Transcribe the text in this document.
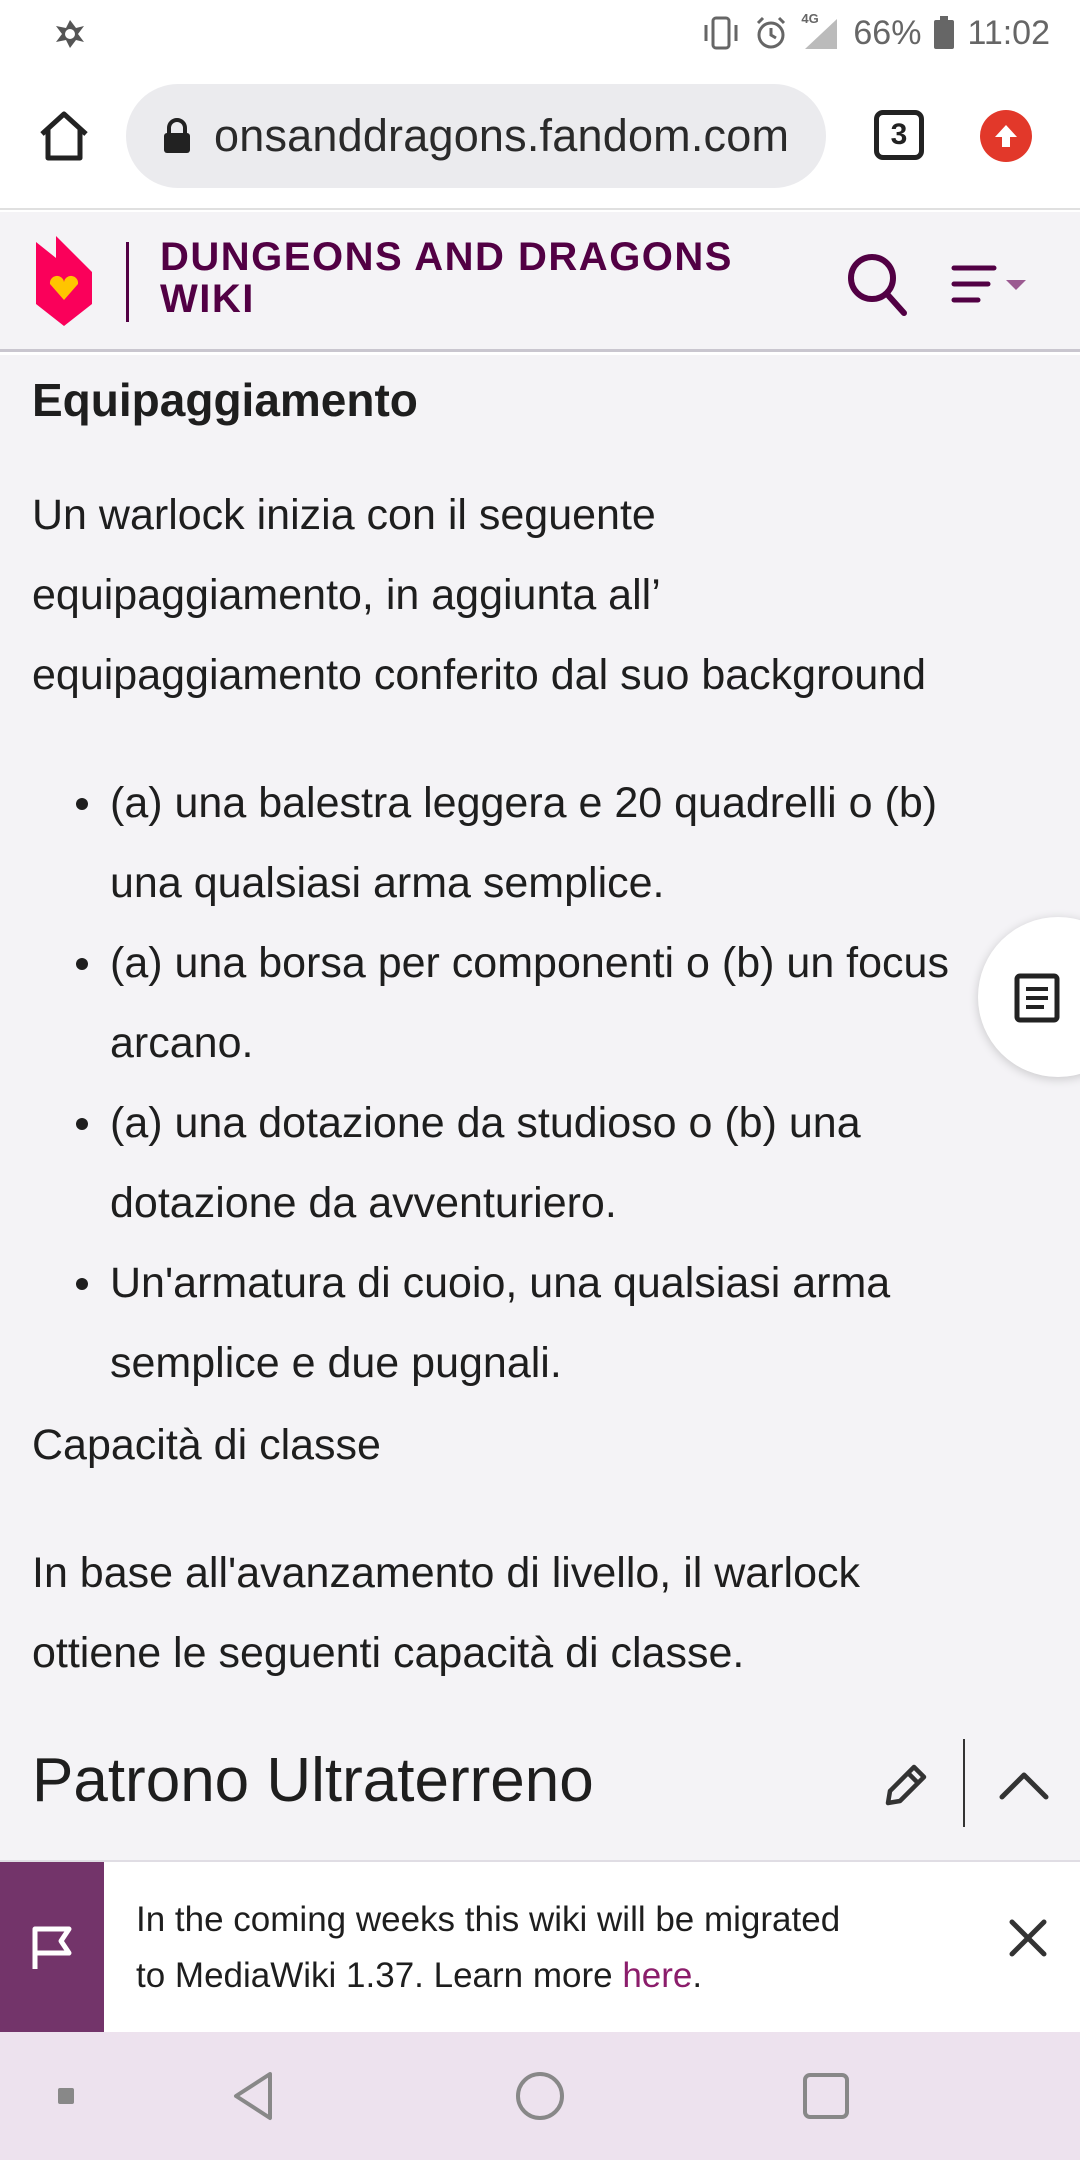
4G 66% 11:02
onsanddragons.fandom.com	3
DUNGEONS AND DRAGONS
WIKI
Equipaggiamento
Un warlock inizia con il seguente
equipaggiamento, in aggiunta all’
equipaggiamento conferito dal suo background
(a) una balestra leggera e 20 quadrelli o (b)
una qualsiasi arma semplice.
(a) una borsa per componenti o (b) un focus
arcano.
(a) una dotazione da studioso o (b) una
dotazione da avventuriero.
Un'armatura di cuoio, una qualsiasi arma
semplice e due pugnali.
Capacità di classe
In base all'avanzamento di livello, il warlock
ottiene le seguenti capacità di classe.
Patrono Ultraterreno
In the coming weeks this wiki will be migrated
to MediaWiki 1.37. Learn more here.
